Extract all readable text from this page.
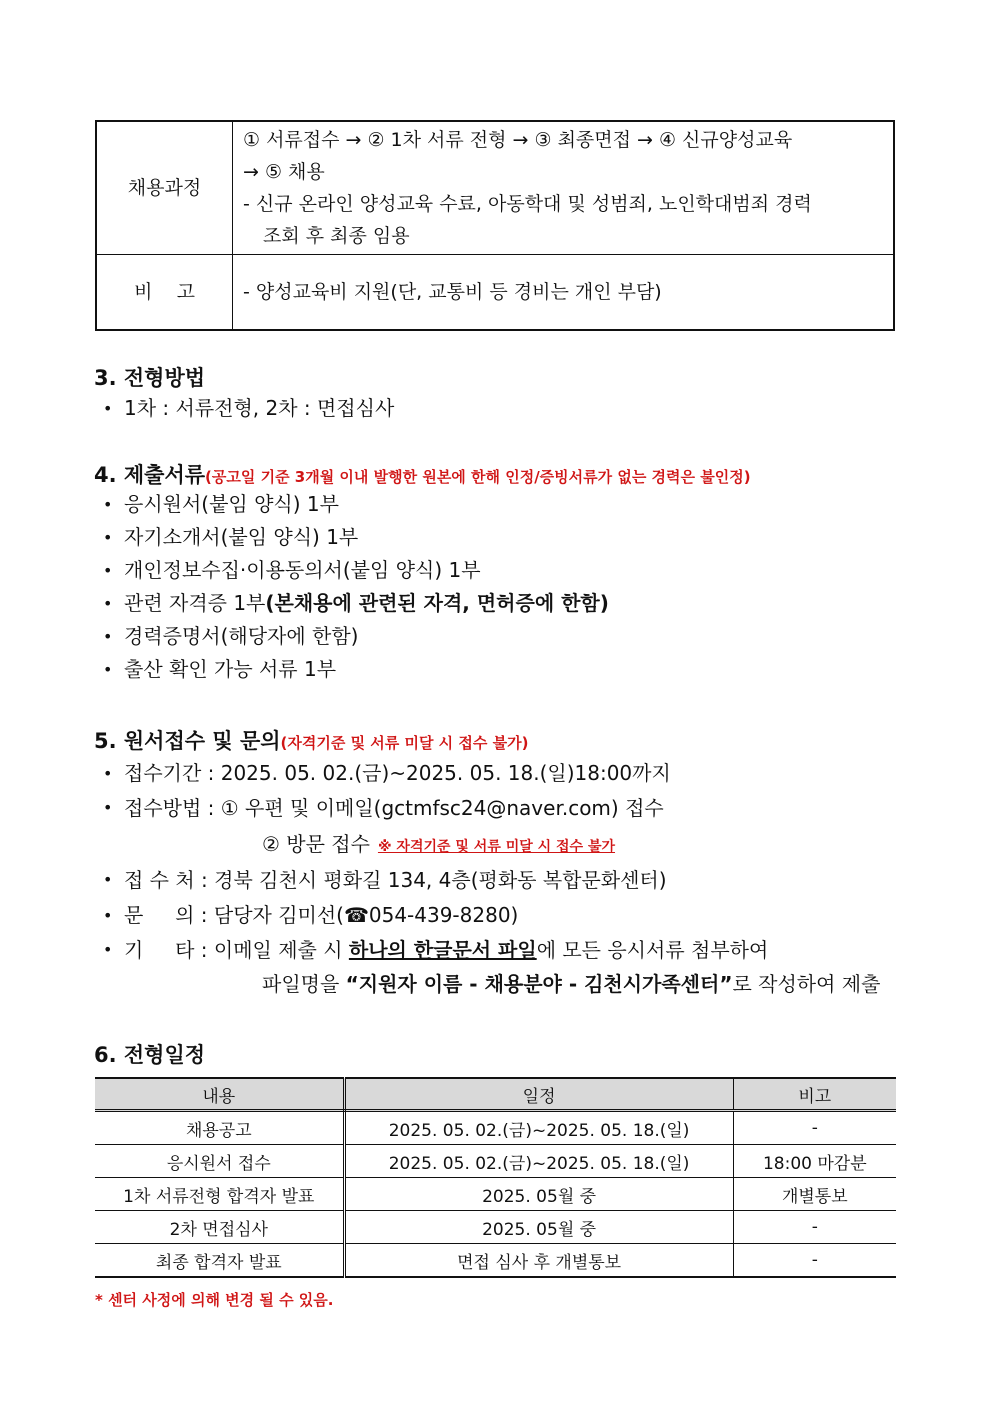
채용과정	① 서류접수 → ② 1차 서류 전형 → ③ 최종면접 → ④ 신규양성교육
→ ⑤ 채용
- 신규 온라인 양성교육 수료, 아동학대 및 성범죄, 노인학대범죄 경력
조회 후 최종 임용

비    고	- 양성교육비 지원(단, 교통비 등 경비는 개인 부담)
3. 전형방법
• 1차 : 서류전형, 2차 : 면접심사
4. 제출서류(공고일 기준 3개월 이내 발행한 원본에 한해 인정/증빙서류가 없는 경력은 불인정)
• 응시원서(붙임 양식) 1부
• 자기소개서(붙임 양식) 1부
• 개인정보수집·이용동의서(붙임 양식) 1부
• 관련 자격증 1부(본채용에 관련된 자격, 면허증에 한함)
• 경력증명서(해당자에 한함)
• 출산 확인 가능 서류 1부
5. 원서접수 및 문의(자격기준 및 서류 미달 시 접수 불가)
• 접수기간 : 2025. 05. 02.(금)~2025. 05. 18.(일)18:00까지
• 접수방법 : ① 우편 및 이메일(gctmfsc24@naver.com) 접수
② 방문 접수 ※ 자격기준 및 서류 미달 시 접수 불가
• 접 수 처 : 경북 김천시 평화길 134, 4층(평화동 복합문화센터)
• 문     의 : 담당자 김미선(☎054-439-8280)
• 기     타 : 이메일 제출 시 하나의 한글문서 파일에 모든 응시서류 첨부하여
파일명을 “지원자 이름 - 채용분야 - 김천시가족센터”로 작성하여 제출
6. 전형일정
내용	일정	비고
채용공고	2025. 05. 02.(금)~2025. 05. 18.(일)	-
응시원서 접수	2025. 05. 02.(금)~2025. 05. 18.(일)	18:00 마감분
1차 서류전형 합격자 발표	2025. 05월 중	개별통보
2차 면접심사	2025. 05월 중	-
최종 합격자 발표	면접 심사 후 개별통보	-
* 센터 사정에 의해 변경 될 수 있음.
